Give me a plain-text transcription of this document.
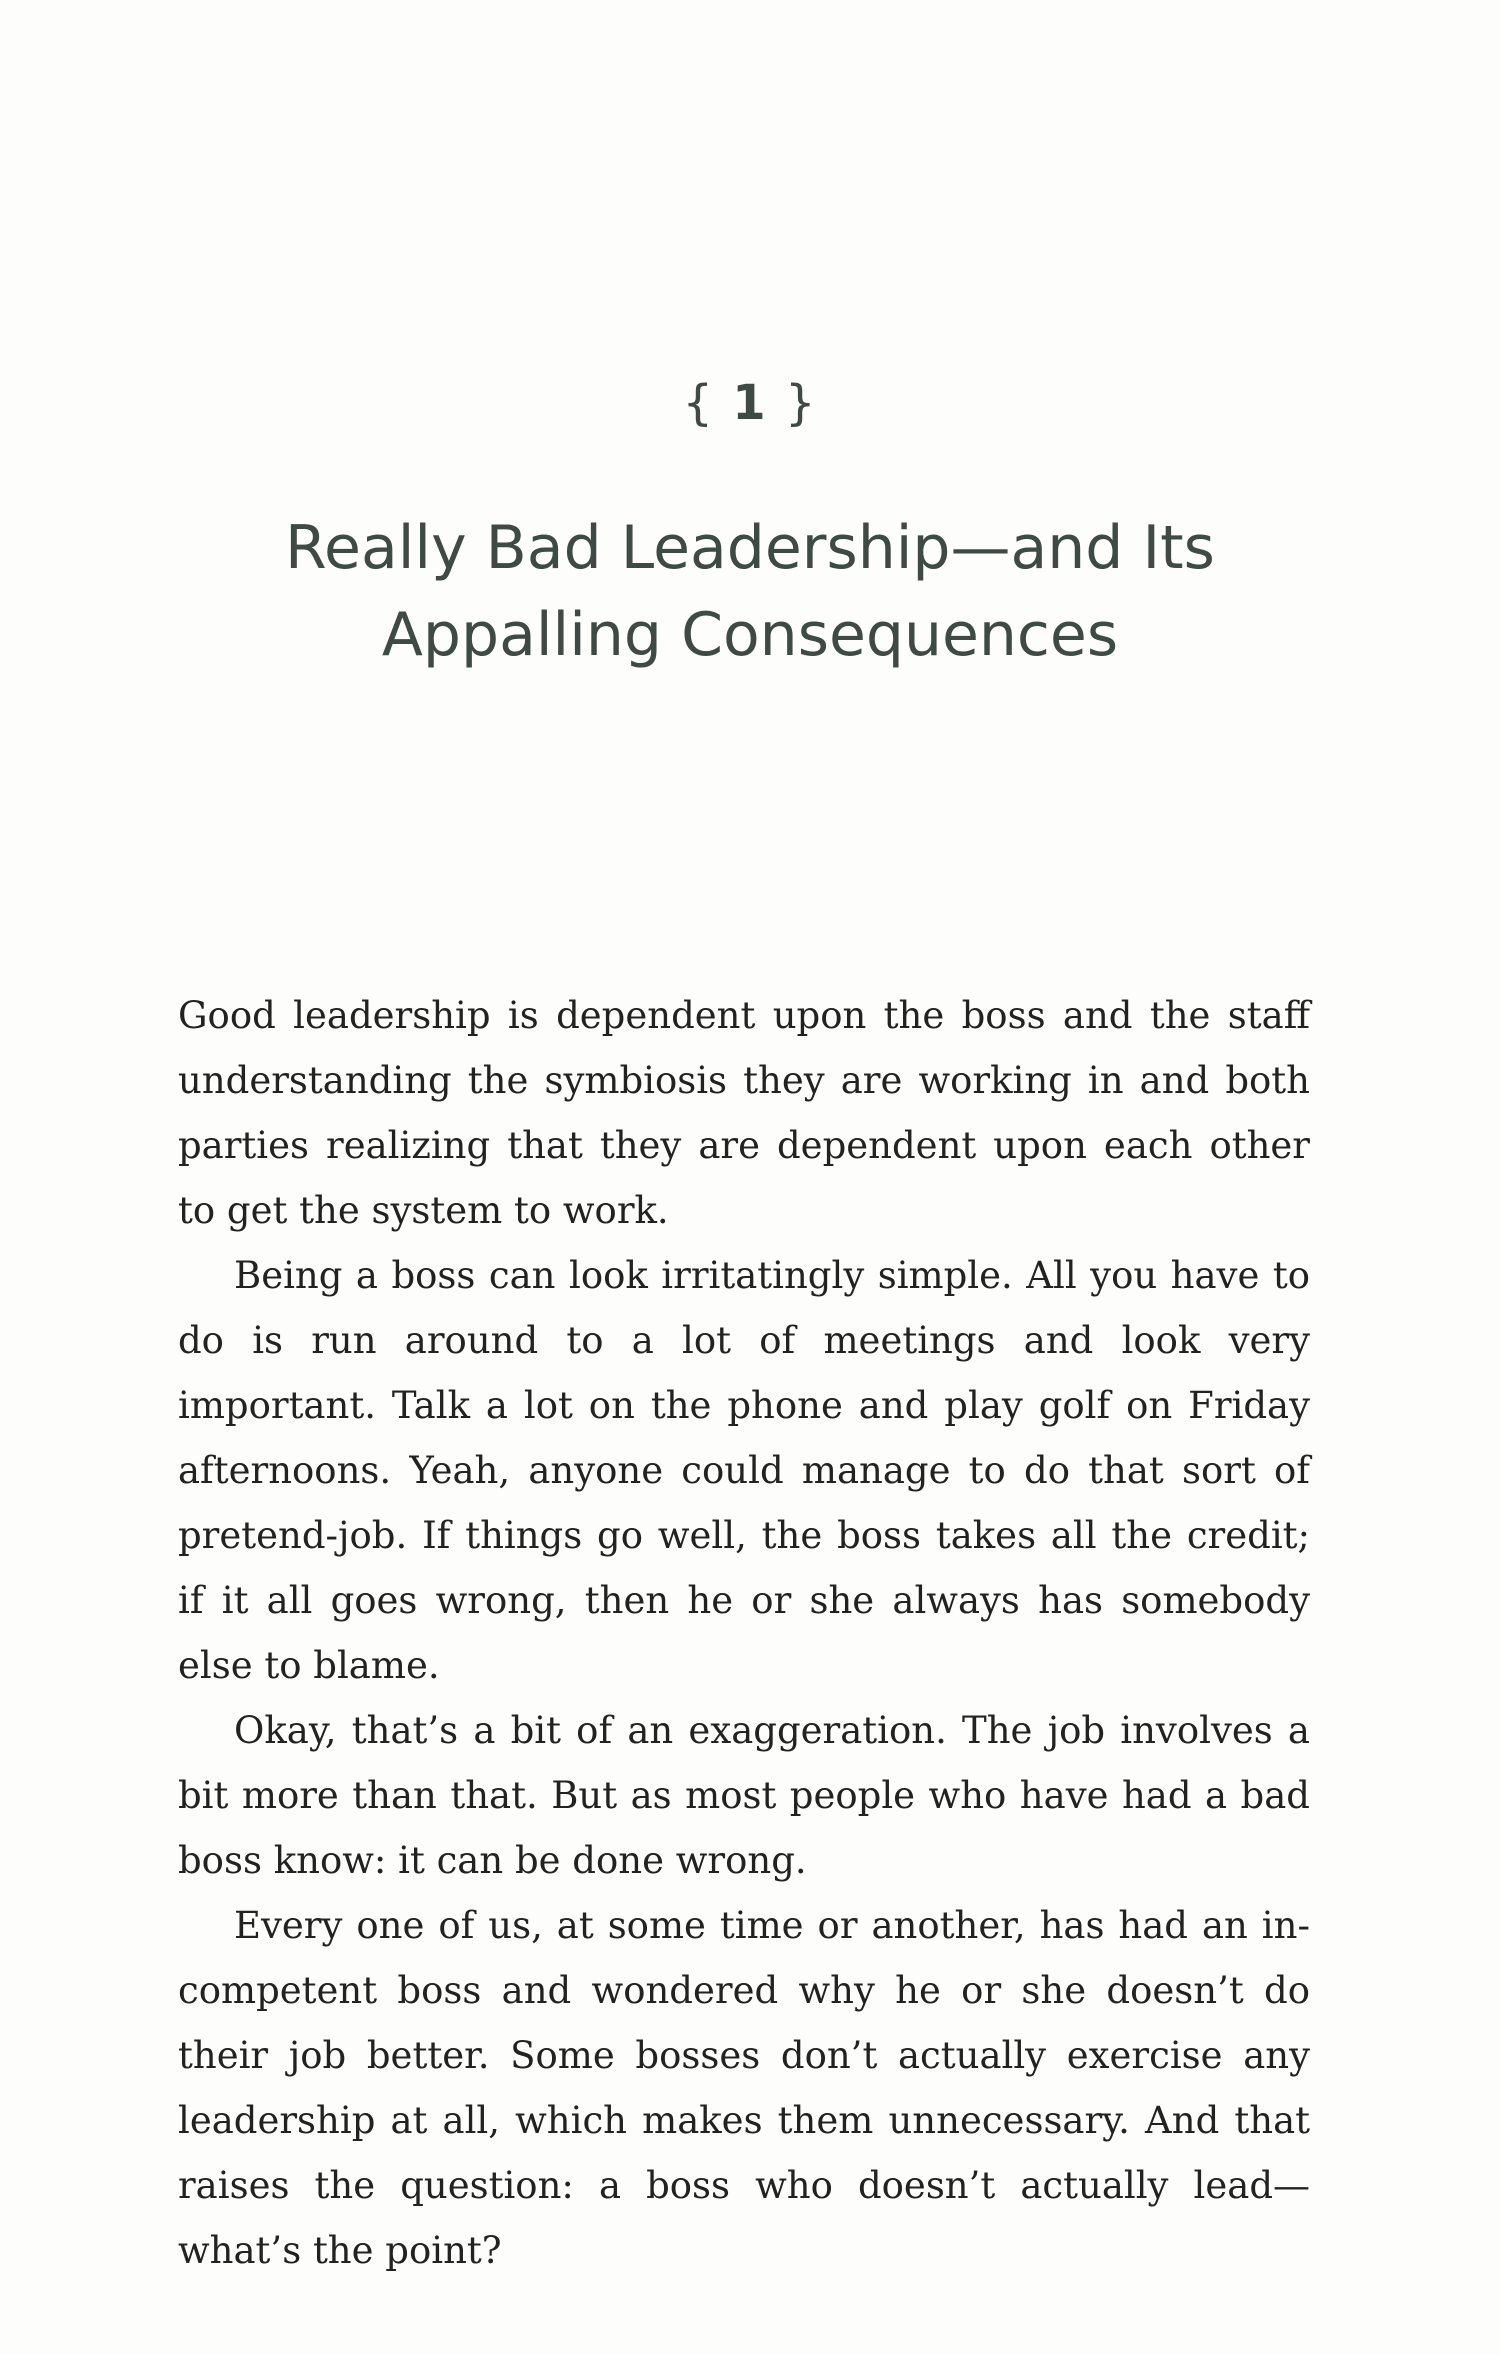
{ 1 }
Really Bad Leadership—and Its
Appalling Consequences

Good leadership is dependent upon the boss and the staff understanding the symbiosis they are working in and both parties realizing that they are dependent upon each other to get the system to work.

Being a boss can look irritatingly simple. All you have to do is run around to a lot of meetings and look very important. Talk a lot on the phone and play golf on Friday afternoons. Yeah, anyone could manage to do that sort of pretend-job. If things go well, the boss takes all the credit; if it all goes wrong, then he or she always has somebody else to blame.

Okay, that’s a bit of an exaggeration. The job involves a bit more than that. But as most people who have had a bad boss know: it can be done wrong.

Every one of us, at some time or another, has had an incompetent boss and wondered why he or she doesn’t do their job better. Some bosses don’t actually exercise any leadership at all, which makes them unnecessary. And that raises the question: a boss who doesn’t actually lead—what’s the point?
